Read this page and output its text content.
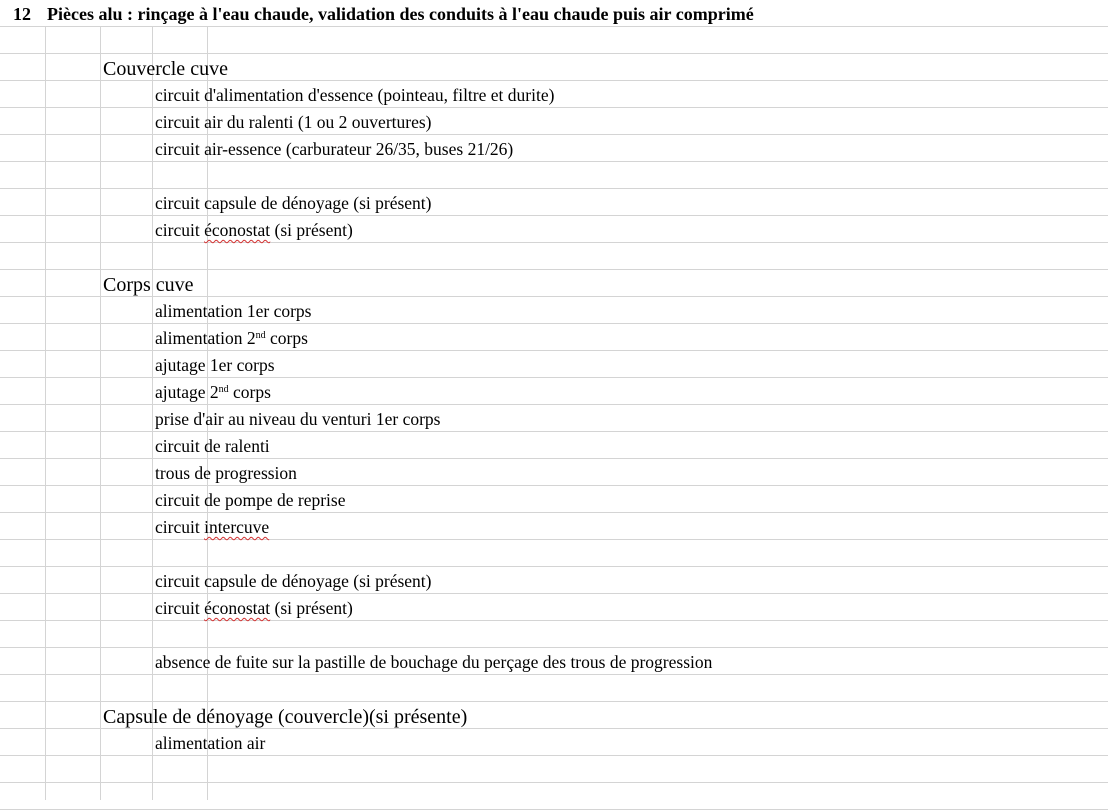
12 Pièces alu : rinçage à l'eau chaude, validation des conduits à l'eau chaude puis air comprimé
Couvercle cuve
circuit d'alimentation d'essence (pointeau, filtre et durite)
circuit air du ralenti (1 ou 2 ouvertures)
circuit air-essence (carburateur 26/35, buses 21/26)
circuit capsule de dénoyage (si présent)
circuit éconostat (si présent)
Corps cuve
alimentation 1er corps
alimentation 2nd corps
ajutage 1er corps
ajutage 2nd corps
prise d'air au niveau du venturi 1er corps
circuit de ralenti
trous de progression
circuit de pompe de reprise
circuit intercuve
circuit capsule de dénoyage (si présent)
circuit éconostat (si présent)
absence de fuite sur la pastille de bouchage du perçage des trous de progression
Capsule de dénoyage (couvercle)(si présente)
alimentation air
